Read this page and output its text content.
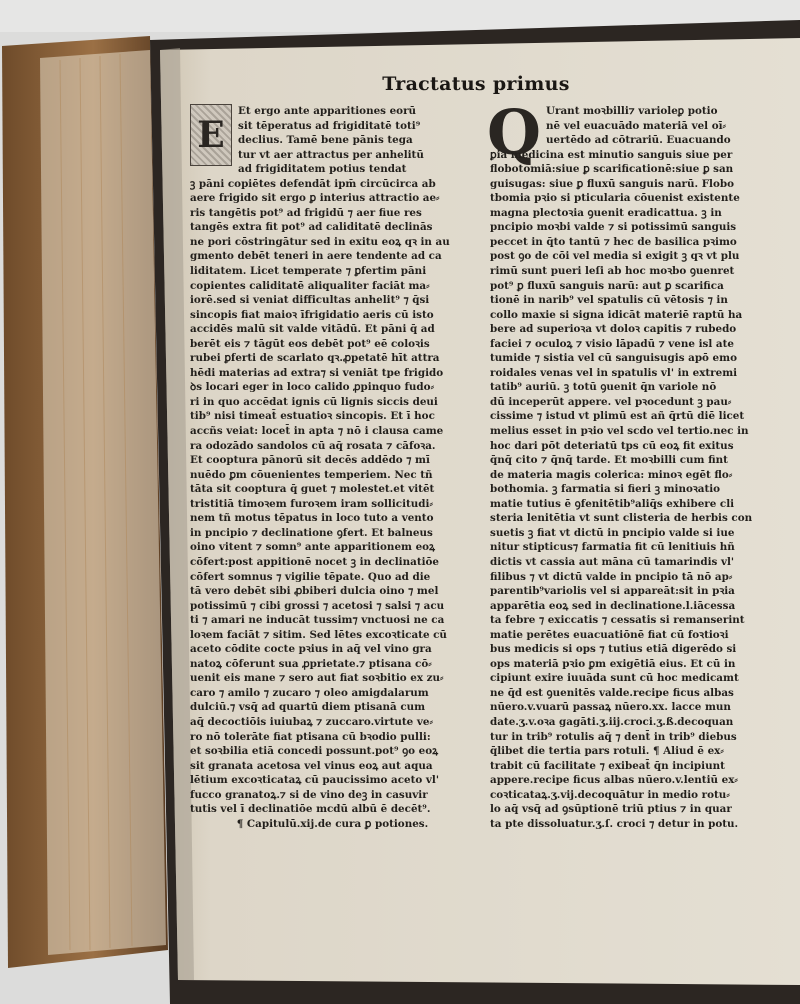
Tractatus primus
E	Q
Et ergo ante apparitiones eorū
sit tēperatus ad frigiditatē toti⁹
declius. Tamē bene pānis tega
tur vt aer attractus per anhelitū
ad frigiditatem potius tendat
ꝫ pāni copiētes defendāt ipm̄ circūcirca ab
aere frigido sit ergo ꝑ interius attractio ae⸗
ris tangētis pot⁹ ad frigidū ⁊ aer fiue res
tangēs extra fit pot⁹ ad caliditatē declinās
ne pori cōstringātur sed in exitu eoꝝ qꝛ in au
gmento debēt teneri in aere tendente ad ca
liditatem. Licet temperate ⁊ ꝑfertim pāni
copientes caliditatē aliqualiter faciāt ma⸗
iorē.sed si veniat difficultas anhelit⁹ ⁊ q̄si
sincopis fiat maioꝛ īfrigidatio aeris cū isto
accidēs malū sit valde vitādū. Et pāni q̄ ad
berēt eis ⁊ tāgūt eos debēt pot⁹ eē coloꝛis
rubei ꝑferti de scarlato qꝛ.ꝓpetatē hīt attra
hēdi materias ad extra⁊ si veniāt tpe frigido
ꝺs locari eger in loco calido ꝓpinquo fudo⸗
ri in quo accēdat ignis cū lignis siccis deui
tib⁹ nisi timeat̄ estuatioꝛ sincopis. Et ī hoc
accñs veiat: locet̄ in apta ⁊ nō i clausa came
ra odozādo sandolos cū aq̄ rosata ⁊ cāfoꝛa.
Et cooptura pānorū sit decēs addēdo ⁊ mī
nuēdo ꝑm cōuenientes temperiem. Nec tñ
tāta sit cooptura q̄ guet ⁊ molestet.et vitēt
tristitiā timoꝛem furoꝛem iram sollicitudi⸗
nem tñ motus tēpatus in loco tuto a vento
in pncipio ⁊ declinatione ꝯfert. Et balneus
oino vitent ⁊ somn⁹ ante apparitionem eoꝝ
cōfert:post appitionē nocet ꝫ in declinatiōe
cōfert somnus ⁊ vigilie tēpate. Quo ad die
tā vero debēt sibi ꝓbiberi dulcia oino ⁊ mel
potissimū ⁊ cibi grossi ⁊ acetosi ⁊ salsi ⁊ acu
ti ⁊ amari ne inducāt tussim⁊ vnctuosi ne ca
loꝛem faciāt ⁊ sitim. Sed lētes excoꝛticate cū
aceto cōdite cocte pꝛius in aq̄ vel vino gra
natoꝝ cōferunt sua ꝓprietate.⁊ ptisana cō⸗
uenit eis mane ⁊ sero aut fiat soꝛbitio ex zu⸗
caro ⁊ amilo ⁊ zucaro ⁊ oleo amigdalarum
dulciū.⁊ vsq̄ ad quartū diem ptisanā cum
aq̄ decoctiōis iuiubaꝝ ⁊ zuccaro.virtute ve⸗
ro nō tolerāte fiat ptisana cū bꝛodio pulli:
et soꝛbilia etiā concedi possunt.pot⁹ ꝯo eoꝝ
sit granata acetosa vel vinus eoꝝ aut aqua
lētium excoꝛticataꝝ cū paucissimo aceto vl'
fucco granatoꝝ.⁊ si de vino deꝫ in casuvir
tutis vel ī declinatiōe mcdū albū ē decēt⁹.
¶ Capitulū.xij.de cura ꝑ potiones.
Urant moꝛbilli⁊ varioleꝑ potio
nē vel euacuādo materiā vel oī⸗
uertēdo ad cōtrariū. Euacuando
ꝑia medicina est minutio sanguis siue per
flobotomiā:siue ꝑ scarificationē:siue ꝑ san
guisugas: siue ꝑ fluxū sanguis narū. Flobo
tbomia pꝛio si pticularia cōuenist existente
magna plectoꝛia ꝯuenit eradicattua. ꝫ in
pncipio moꝛbi valde ⁊ si potissimū sanguis
peccet in q̄to tantū ⁊ hec de basilica pꝛimo
post ꝯo de cōi vel media si exigit ꝫ qꝛ vt plu
rimū sunt pueri leſi ab hoc moꝛbo ꝯuenret
pot⁹ ꝑ fluxū sanguis narū: aut ꝑ scarifica
tionē in narib⁹ vel spatulis cū vētosis ⁊ in
collo maxie si signa idicāt materiē raptū ha
bere ad superioꝛa vt doloꝛ capitis ⁊ rubedo
faciei ⁊ oculoꝝ ⁊ visio lāpadū ⁊ vene isl ate
tumide ⁊ sistia vel cū sanguisugis apō emo
roidales venas vel in spatulis vl' in extremi
tatib⁹ auriū. ꝫ totū ꝯuenit q̄n variole nō
dū inceperūt appere. vel pꝛocedunt ꝫ pau⸗
cissime ⁊ istud vt plimū est añ q̄rtū diē licet
melius esset in pꝛio vel scdo vel tertio.nec in
hoc dari pōt deteriatū tps cū eoꝝ fit exitus
q̄nq̄ cito ⁊ q̄nq̄ tarde. Et moꝛbilli cum fint
de materia magis colerica: minoꝛ egēt flo⸗
bothomia. ꝫ farmatia si fieri ꝫ minoꝛatio
matie tutius ē ꝯfenitētib⁹aliq̄s exhibere cli
steria lenitētia vt sunt clisteria de herbis con
suetis ꝫ fiat vt dictū in pncipio valde si iue
nitur stipticus⁊ farmatia fit cū lenitiuis hñ
dictis vt cassia aut māna cū tamarindis vl'
filibus ⁊ vt dictū valde in pncipio tā nō ap⸗
parentib⁹variolis vel si appareāt:sit in pꝛia
apparētia eoꝝ sed in declinatione.l.iācessa
ta febre ⁊ exiccatis ⁊ cessatis si remanserint
matie perētes euacuatiōnē fiat cū foꝛtioꝛi
bus medicis si ops ⁊ tutius etiā digerēdo si
ops materiā pꝛio ꝑm exigētiā eius. Et cū in
cipiunt exire iuuāda sunt cū hoc medicamt
ne q̄d est ꝯuenitēs valde.recipe ficus albas
nūero.v.vuarū passaꝝ nūero.xx. lacce mun
date.ʒ.v.oꝛa gagāti.ʒ.iij.croci.ʒ.ß.decoquan
tur in trib⁹ rotulis aq̄ ⁊ dent̄ in trib⁹ diebus
q̄libet die tertia pars rotuli. ¶ Aliud ē ex⸗
trabit cū facilitate ⁊ exibeat̄ q̄n incipiunt
appere.recipe ficus albas nūero.v.lentiū ex⸗
coꝛticataꝝ.ʒ.vij.decoquātur in medio rotu⸗
lo aq̄ vsq̄ ad ꝯsūptionē triū ptius ⁊ in quar
ta pte dissoluatur.ʒ.ſ. croci ⁊ detur in potu.
